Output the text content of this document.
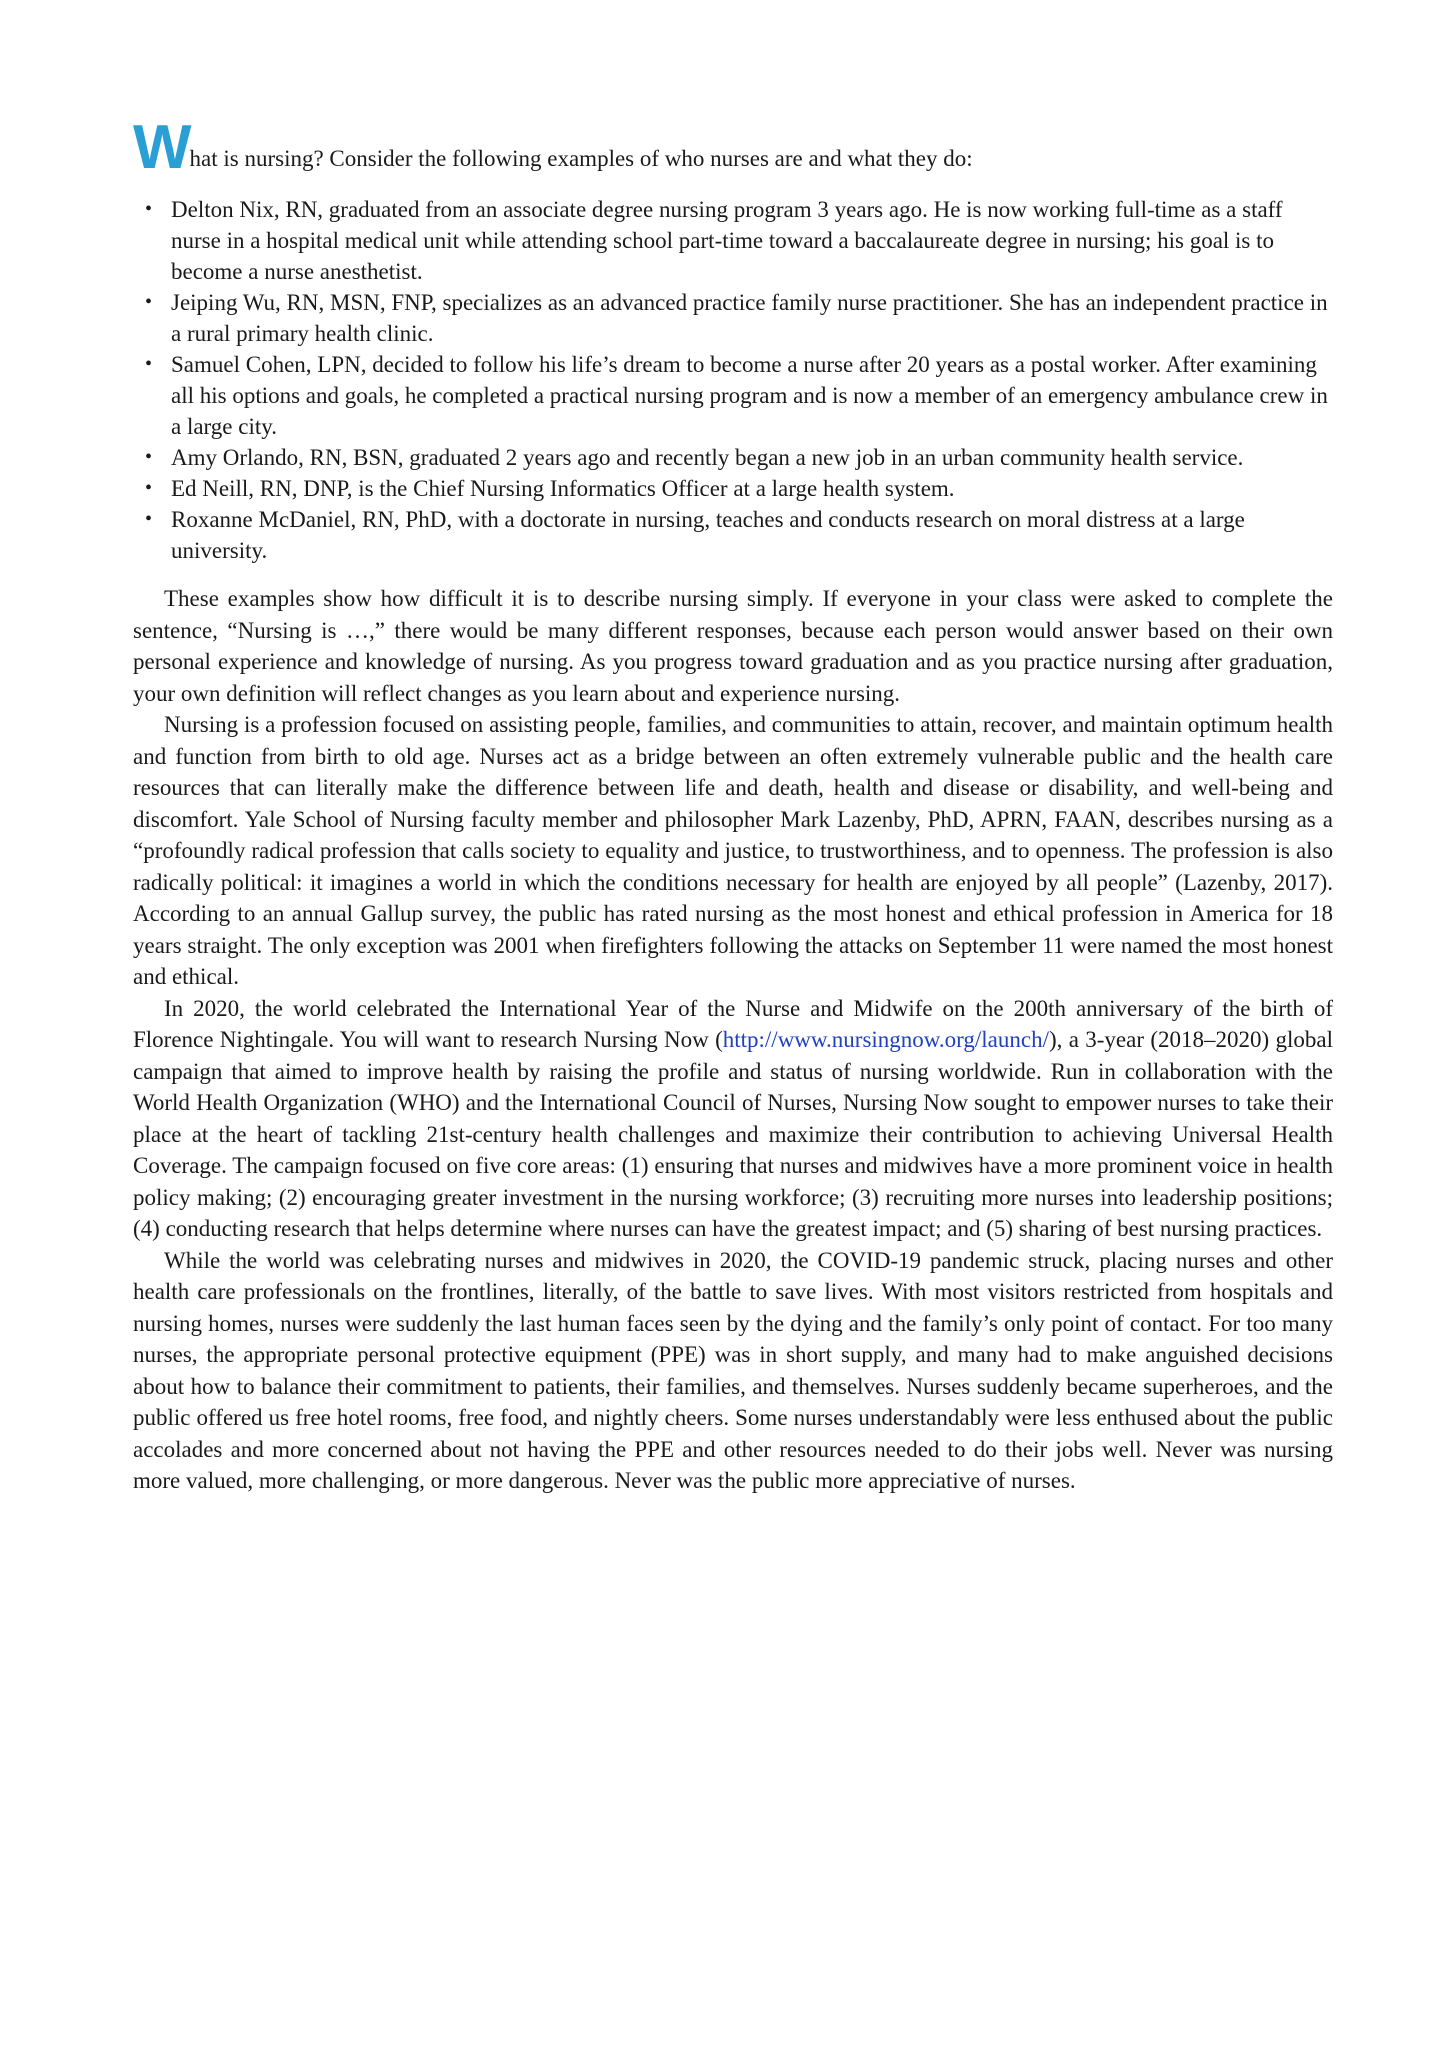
What is nursing? Consider the following examples of who nurses are and what they do:

• Delton Nix, RN, graduated from an associate degree nursing program 3 years ago. He is now working full-time as a staff nurse in a hospital medical unit while attending school part-time toward a baccalaureate degree in nursing; his goal is to become a nurse anesthetist.
• Jeiping Wu, RN, MSN, FNP, specializes as an advanced practice family nurse practitioner. She has an independent practice in a rural primary health clinic.
• Samuel Cohen, LPN, decided to follow his life’s dream to become a nurse after 20 years as a postal worker. After examining all his options and goals, he completed a practical nursing program and is now a member of an emergency ambulance crew in a large city.
• Amy Orlando, RN, BSN, graduated 2 years ago and recently began a new job in an urban community health service.
• Ed Neill, RN, DNP, is the Chief Nursing Informatics Officer at a large health system.
• Roxanne McDaniel, RN, PhD, with a doctorate in nursing, teaches and conducts research on moral distress at a large university.

These examples show how difficult it is to describe nursing simply. If everyone in your class were asked to complete the sentence, “Nursing is …,” there would be many different responses, because each person would answer based on their own personal experience and knowledge of nursing. As you progress toward graduation and as you practice nursing after graduation, your own definition will reflect changes as you learn about and experience nursing.

Nursing is a profession focused on assisting people, families, and communities to attain, recover, and maintain optimum health and function from birth to old age. Nurses act as a bridge between an often extremely vulnerable public and the health care resources that can literally make the difference between life and death, health and disease or disability, and well-being and discomfort. Yale School of Nursing faculty member and philosopher Mark Lazenby, PhD, APRN, FAAN, describes nursing as a “profoundly radical profession that calls society to equality and justice, to trustworthiness, and to openness. The profession is also radically political: it imagines a world in which the conditions necessary for health are enjoyed by all people” (Lazenby, 2017). According to an annual Gallup survey, the public has rated nursing as the most honest and ethical profession in America for 18 years straight. The only exception was 2001 when firefighters following the attacks on September 11 were named the most honest and ethical.

In 2020, the world celebrated the International Year of the Nurse and Midwife on the 200th anniversary of the birth of Florence Nightingale. You will want to research Nursing Now (http://www.nursingnow.org/launch/), a 3-year (2018–2020) global campaign that aimed to improve health by raising the profile and status of nursing worldwide. Run in collaboration with the World Health Organization (WHO) and the International Council of Nurses, Nursing Now sought to empower nurses to take their place at the heart of tackling 21st-century health challenges and maximize their contribution to achieving Universal Health Coverage. The campaign focused on five core areas: (1) ensuring that nurses and midwives have a more prominent voice in health policy making; (2) encouraging greater investment in the nursing workforce; (3) recruiting more nurses into leadership positions; (4) conducting research that helps determine where nurses can have the greatest impact; and (5) sharing of best nursing practices.

While the world was celebrating nurses and midwives in 2020, the COVID-19 pandemic struck, placing nurses and other health care professionals on the frontlines, literally, of the battle to save lives. With most visitors restricted from hospitals and nursing homes, nurses were suddenly the last human faces seen by the dying and the family’s only point of contact. For too many nurses, the appropriate personal protective equipment (PPE) was in short supply, and many had to make anguished decisions about how to balance their commitment to patients, their families, and themselves. Nurses suddenly became superheroes, and the public offered us free hotel rooms, free food, and nightly cheers. Some nurses understandably were less enthused about the public accolades and more concerned about not having the PPE and other resources needed to do their jobs well. Never was nursing more valued, more challenging, or more dangerous. Never was the public more appreciative of nurses.
